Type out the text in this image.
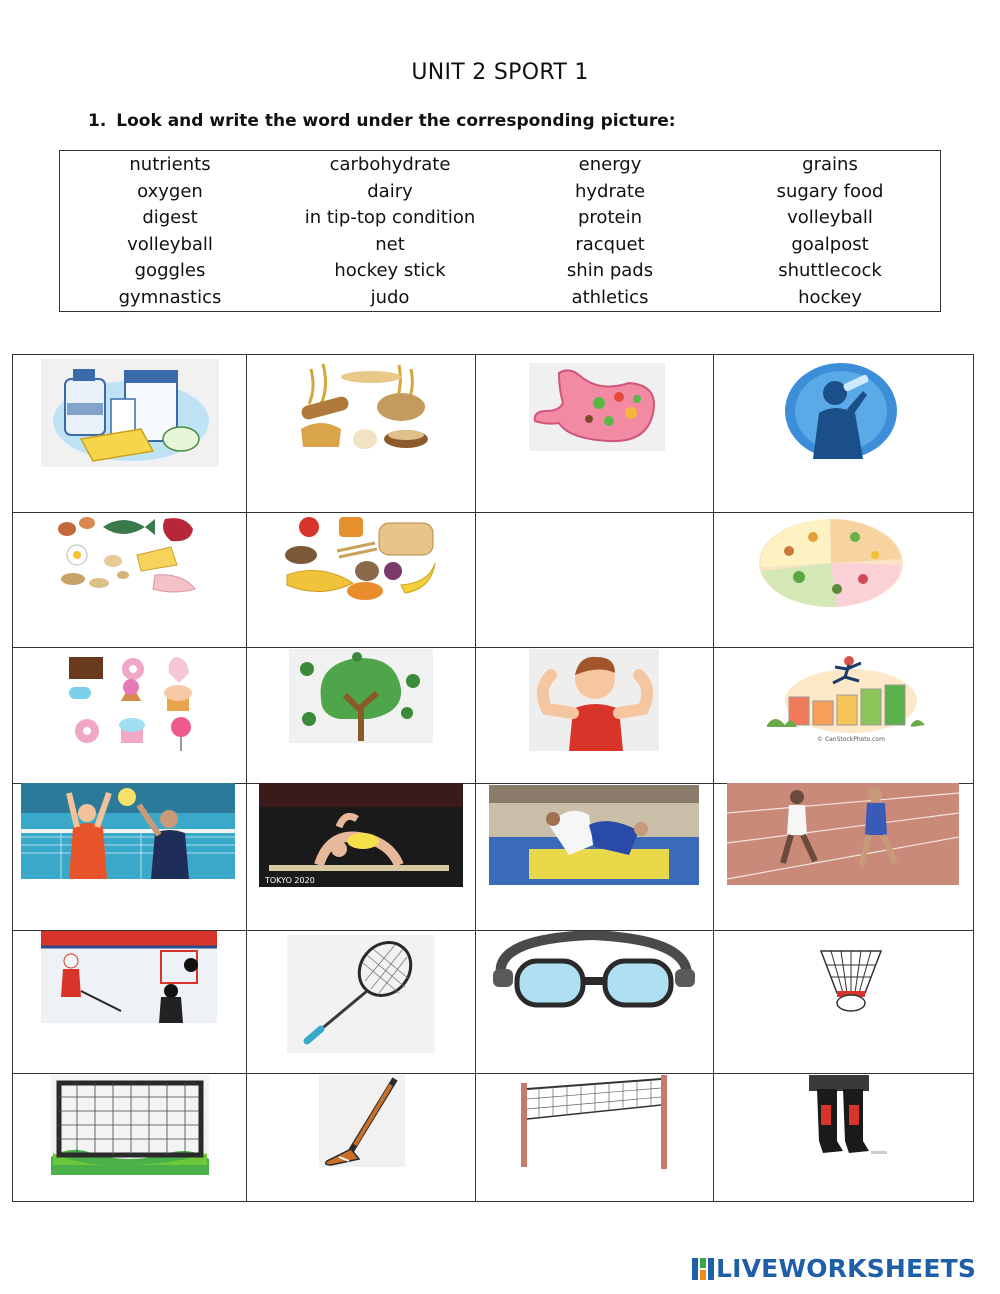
UNIT 2 SPORT 1
1. Look and write the word under the corresponding picture:
nutrients	carbohydrate	energy	grains
oxygen	dairy	hydrate	sugary food
digest	in tip-top condition	protein	volleyball
volleyball	net	racquet	goalpost
goggles	hockey stick	shin pads	shuttlecock
gymnastics	judo	athletics	hockey
© CanStockPhoto.com
TOKYO 2020
LIVEWORKSHEETS
